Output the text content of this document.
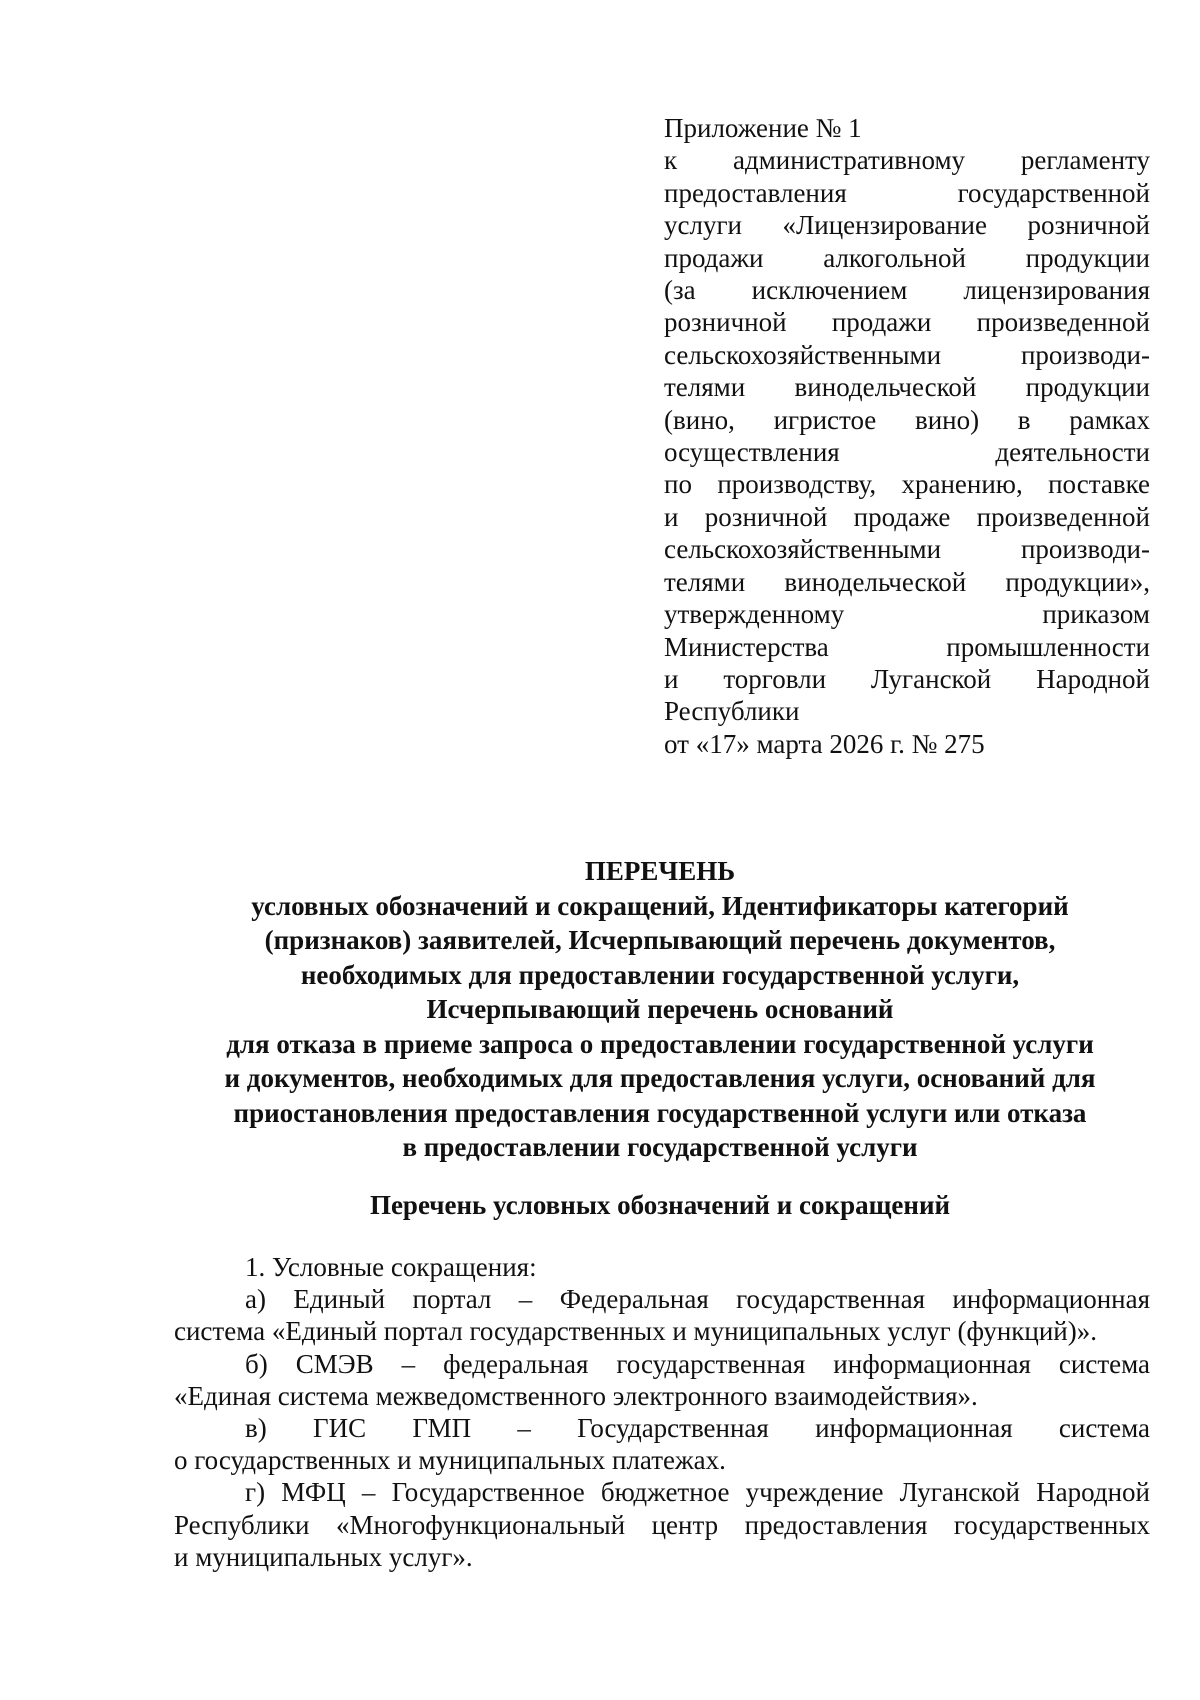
Приложение № 1
к административному регламенту
предоставления государственной
услуги «Лицензирование розничной
продажи алкогольной продукции
(за исключением лицензирования
розничной продажи произведенной
сельскохозяйственными производи-
телями винодельческой продукции
(вино, игристое вино) в рамках
осуществления деятельности
по производству, хранению, поставке
и розничной продаже произведенной
сельскохозяйственными производи-
телями винодельческой продукции»,
утвержденному приказом
Министерства промышленности
и торговли Луганской Народной
Республики
от «17» марта 2026 г. № 275
ПЕРЕЧЕНЬ
условных обозначений и сокращений, Идентификаторы категорий
(признаков) заявителей, Исчерпывающий перечень документов,
необходимых для предоставлении государственной услуги,
Исчерпывающий перечень оснований
для отказа в приеме запроса о предоставлении государственной услуги
и документов, необходимых для предоставления услуги, оснований для
приостановления предоставления государственной услуги или отказа
в предоставлении государственной услуги
Перечень условных обозначений и сокращений
1. Условные сокращения:
а) Единый портал – Федеральная государственная информационная
система «Единый портал государственных и муниципальных услуг (функций)».
б) СМЭВ – федеральная государственная информационная система
«Единая система межведомственного электронного взаимодействия».
в) ГИС ГМП – Государственная информационная система
о государственных и муниципальных платежах.
г) МФЦ – Государственное бюджетное учреждение Луганской Народной
Республики «Многофункциональный центр предоставления государственных
и муниципальных услуг».
